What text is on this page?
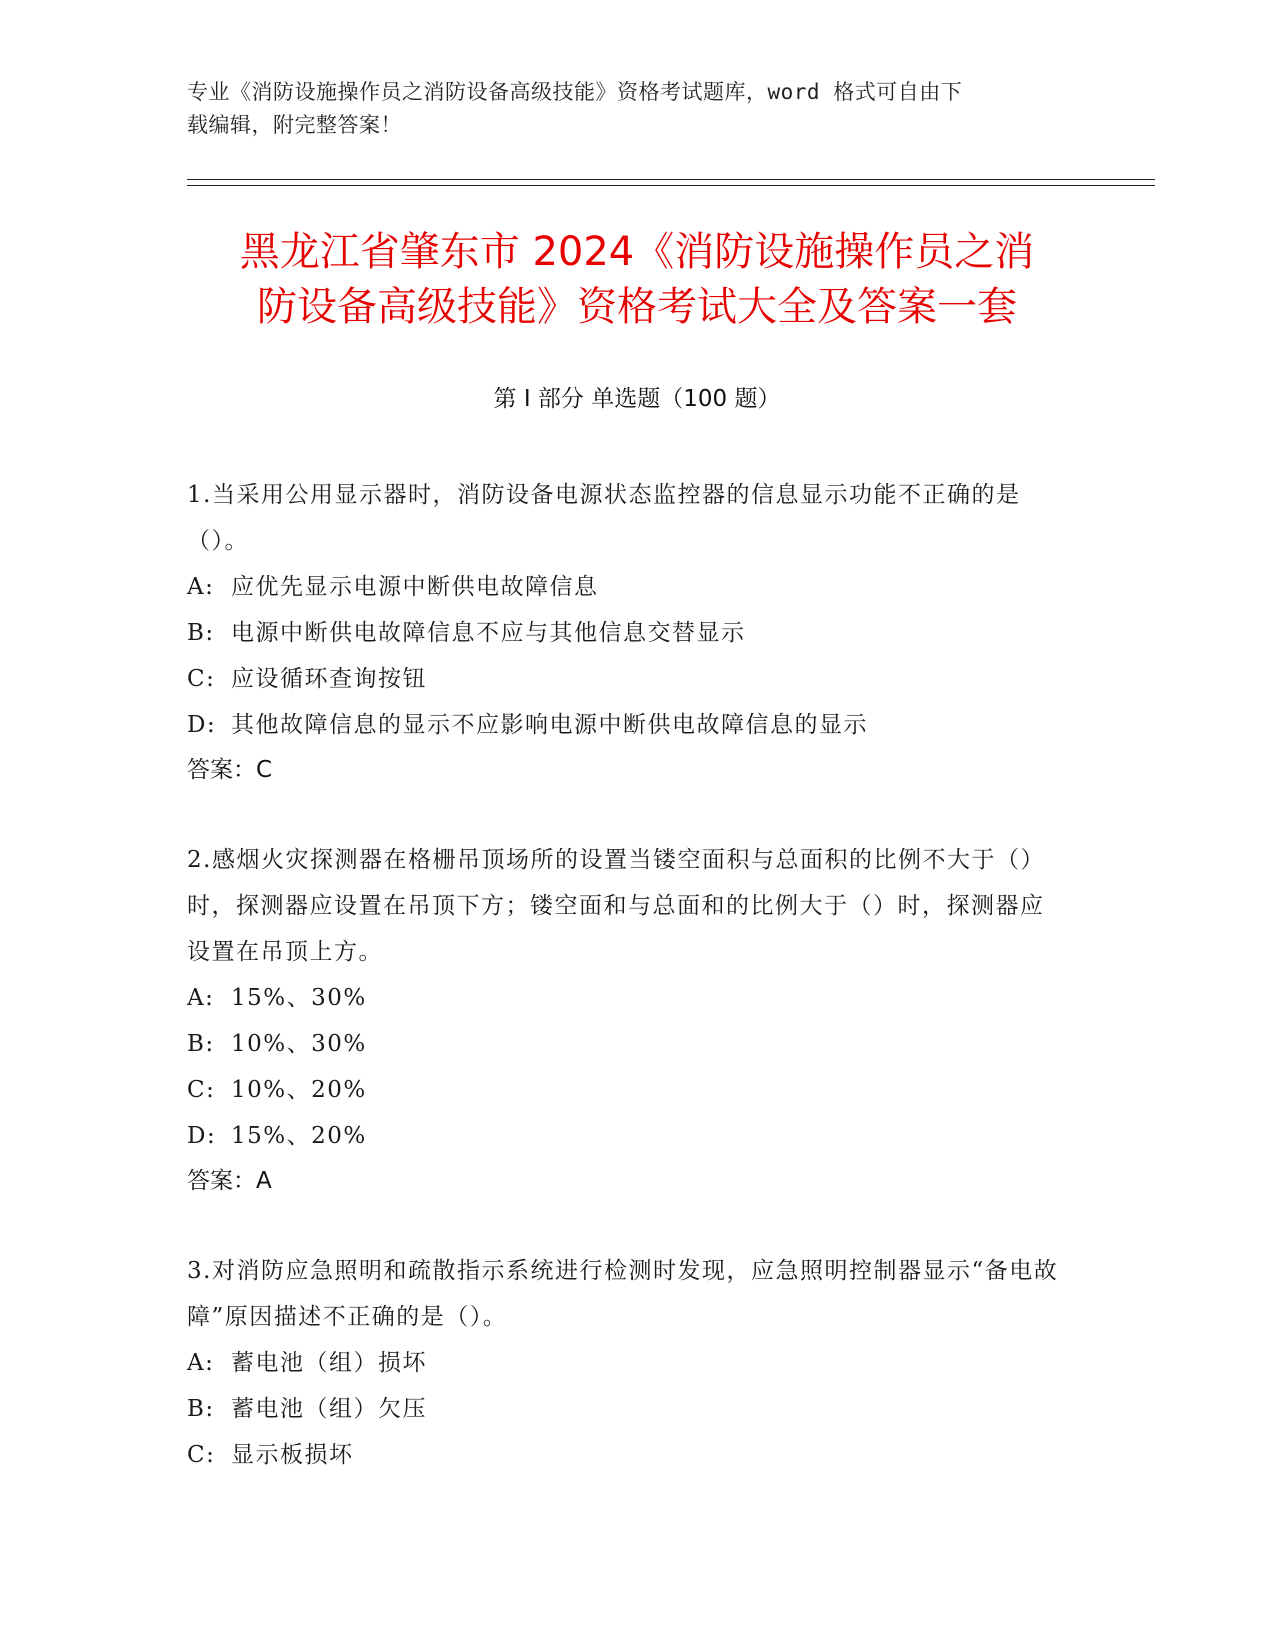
专业《消防设施操作员之消防设备高级技能》资格考试题库，word 格式可自由下
载编辑，附完整答案！
黑龙江省肇东市 2024《消防设施操作员之消
防设备高级技能》资格考试大全及答案一套
第 I 部分 单选题（100 题）

1.当采用公用显示器时，消防设备电源状态监控器的信息显示功能不正确的是（）。

A: 应优先显示电源中断供电故障信息
B: 电源中断供电故障信息不应与其他信息交替显示
C: 应设循环查询按钮
D: 其他故障信息的显示不应影响电源中断供电故障信息的显示

答案：C

2.感烟火灾探测器在格栅吊顶场所的设置当镂空面积与总面积的比例不大于（）时，探测器应设置在吊顶下方；镂空面和与总面和的比例大于（）时，探测器应设置在吊顶上方。

A: 15%、30%
B: 10%、30%
C: 10%、20%
D: 15%、20%

答案：A

3.对消防应急照明和疏散指示系统进行检测时发现，应急照明控制器显示“备电故障”原因描述不正确的是（）。

A: 蓄电池（组）损坏
B: 蓄电池（组）欠压
C: 显示板损坏
